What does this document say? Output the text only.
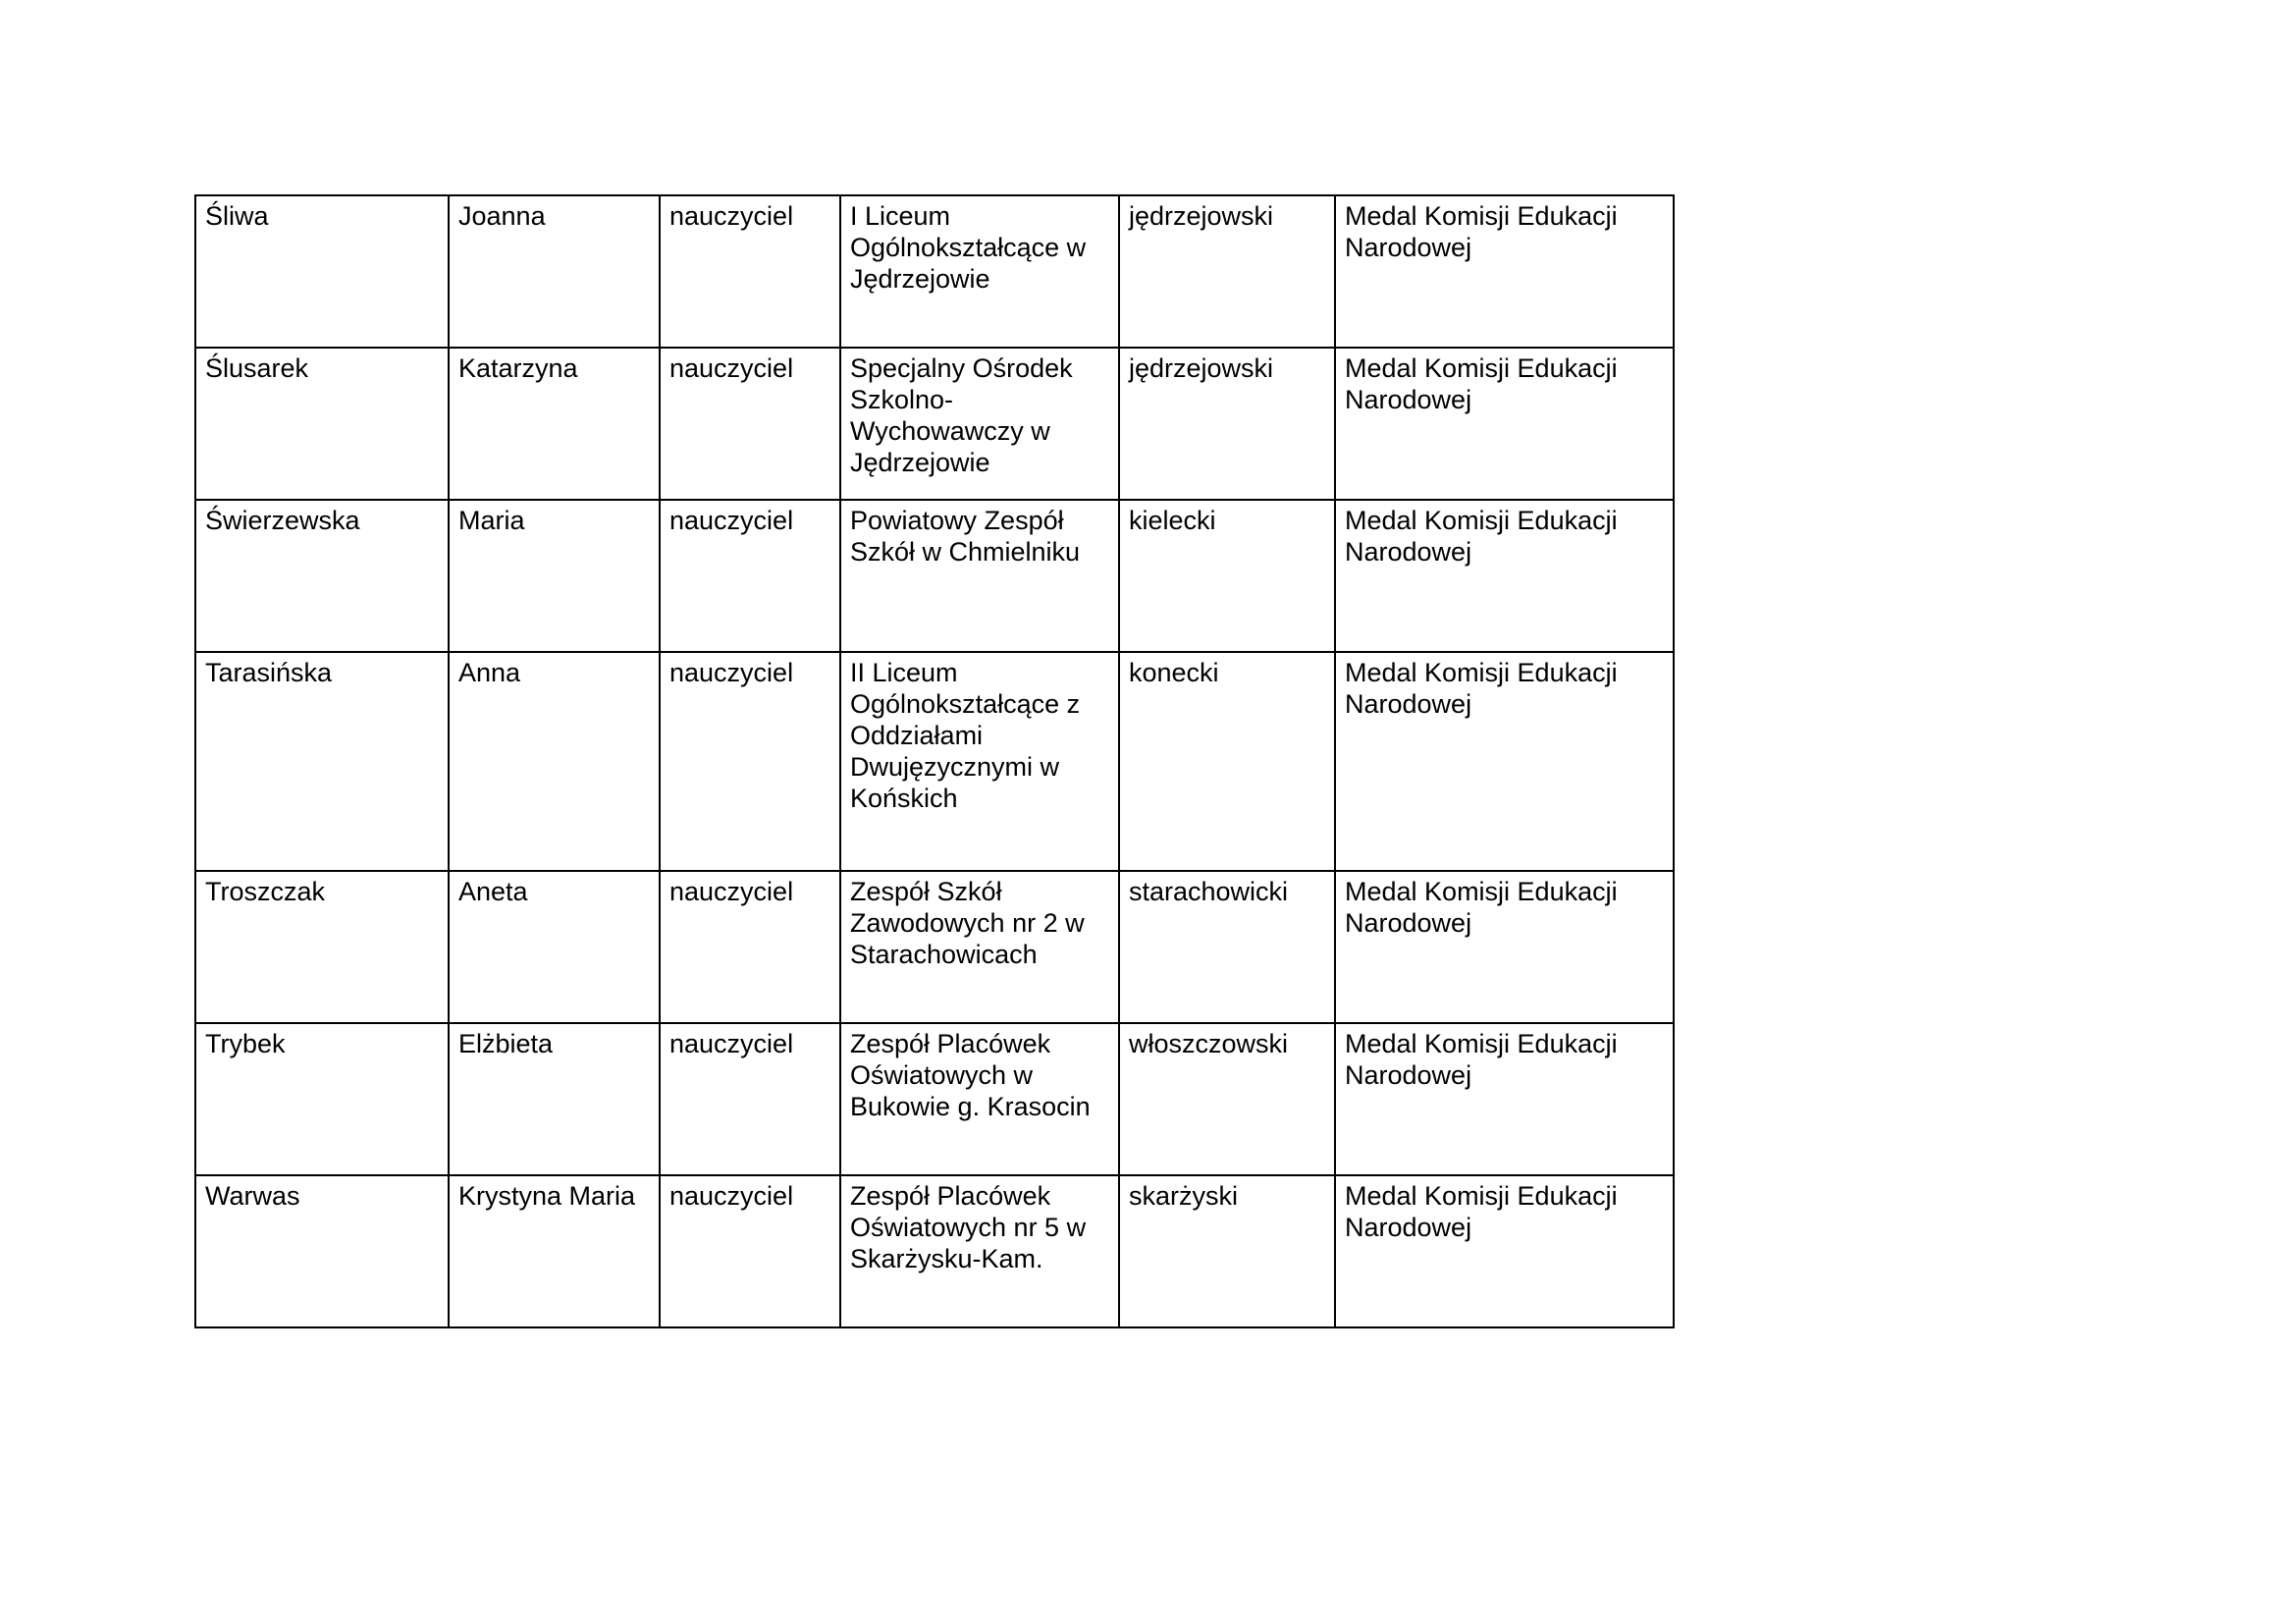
Śliwa	Joanna	nauczyciel	I Liceum Ogólnokształcące w Jędrzejowie	jędrzejowski	Medal Komisji Edukacji Narodowej
Ślusarek	Katarzyna	nauczyciel	Specjalny Ośrodek Szkolno-Wychowawczy w Jędrzejowie	jędrzejowski	Medal Komisji Edukacji Narodowej
Świerzewska	Maria	nauczyciel	Powiatowy Zespół Szkół w Chmielniku	kielecki	Medal Komisji Edukacji Narodowej
Tarasińska	Anna	nauczyciel	II Liceum Ogólnokształcące z Oddziałami Dwujęzycznymi w Końskich	konecki	Medal Komisji Edukacji Narodowej
Troszczak	Aneta	nauczyciel	Zespół Szkół Zawodowych nr 2 w Starachowicach	starachowicki	Medal Komisji Edukacji Narodowej
Trybek	Elżbieta	nauczyciel	Zespół Placówek Oświatowych w Bukowie g. Krasocin	włoszczowski	Medal Komisji Edukacji Narodowej
Warwas	Krystyna Maria	nauczyciel	Zespół Placówek Oświatowych nr 5 w Skarżysku-Kam.	skarżyski	Medal Komisji Edukacji Narodowej
